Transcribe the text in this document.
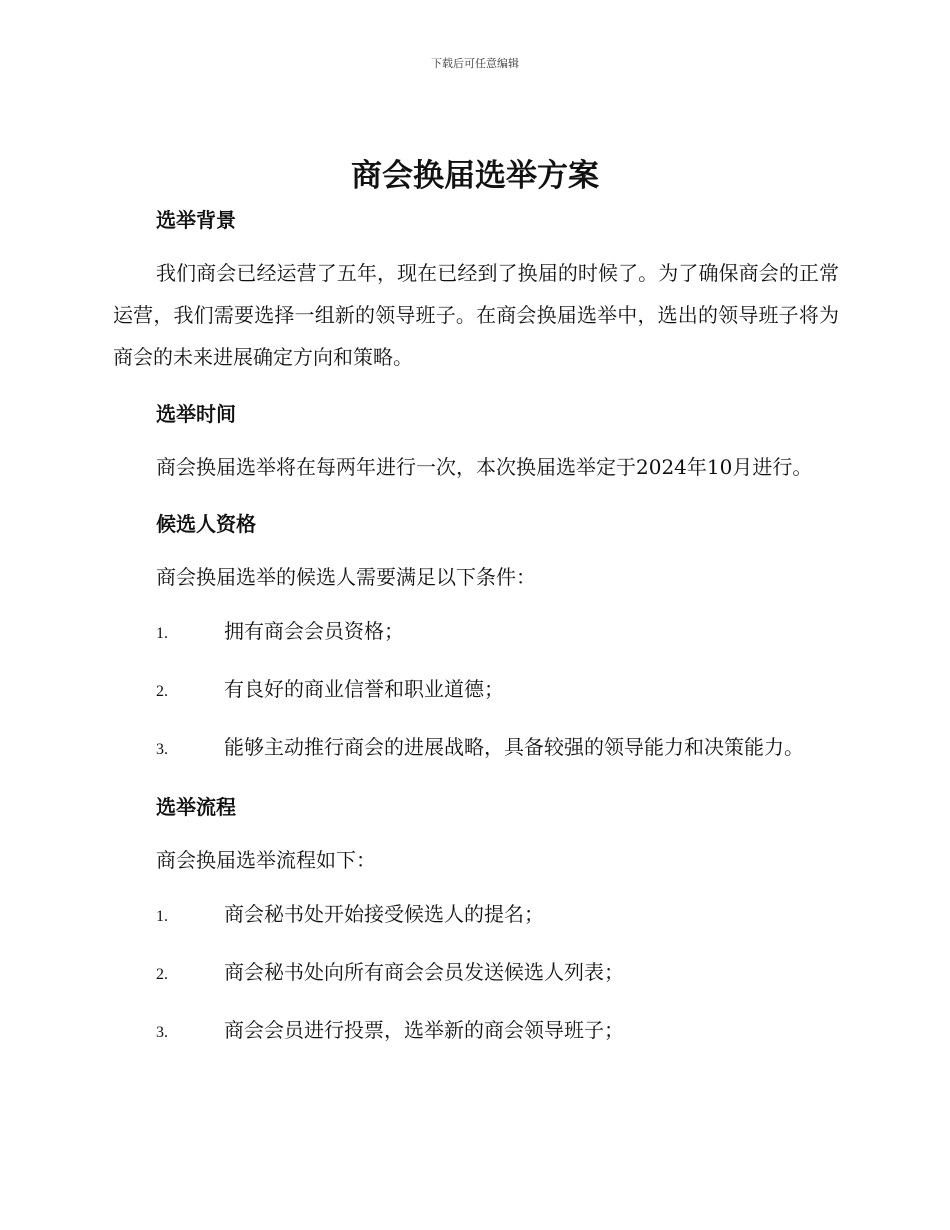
下载后可任意编辑
商会换届选举方案
选举背景

我们商会已经运营了五年，现在已经到了换届的时候了。为了确保商会的正常运营，我们需要选择一组新的领导班子。在商会换届选举中，选出的领导班子将为商会的未来进展确定方向和策略。

选举时间

商会换届选举将在每两年进行一次，本次换届选举定于2024年10月进行。

候选人资格

商会换届选举的候选人需要满足以下条件：

1.	拥有商会会员资格；
2.	有良好的商业信誉和职业道德；
3.	能够主动推行商会的进展战略，具备较强的领导能力和决策能力。
选举流程

商会换届选举流程如下：

1.	商会秘书处开始接受候选人的提名；
2.	商会秘书处向所有商会会员发送候选人列表；
3.	商会会员进行投票，选举新的商会领导班子；
